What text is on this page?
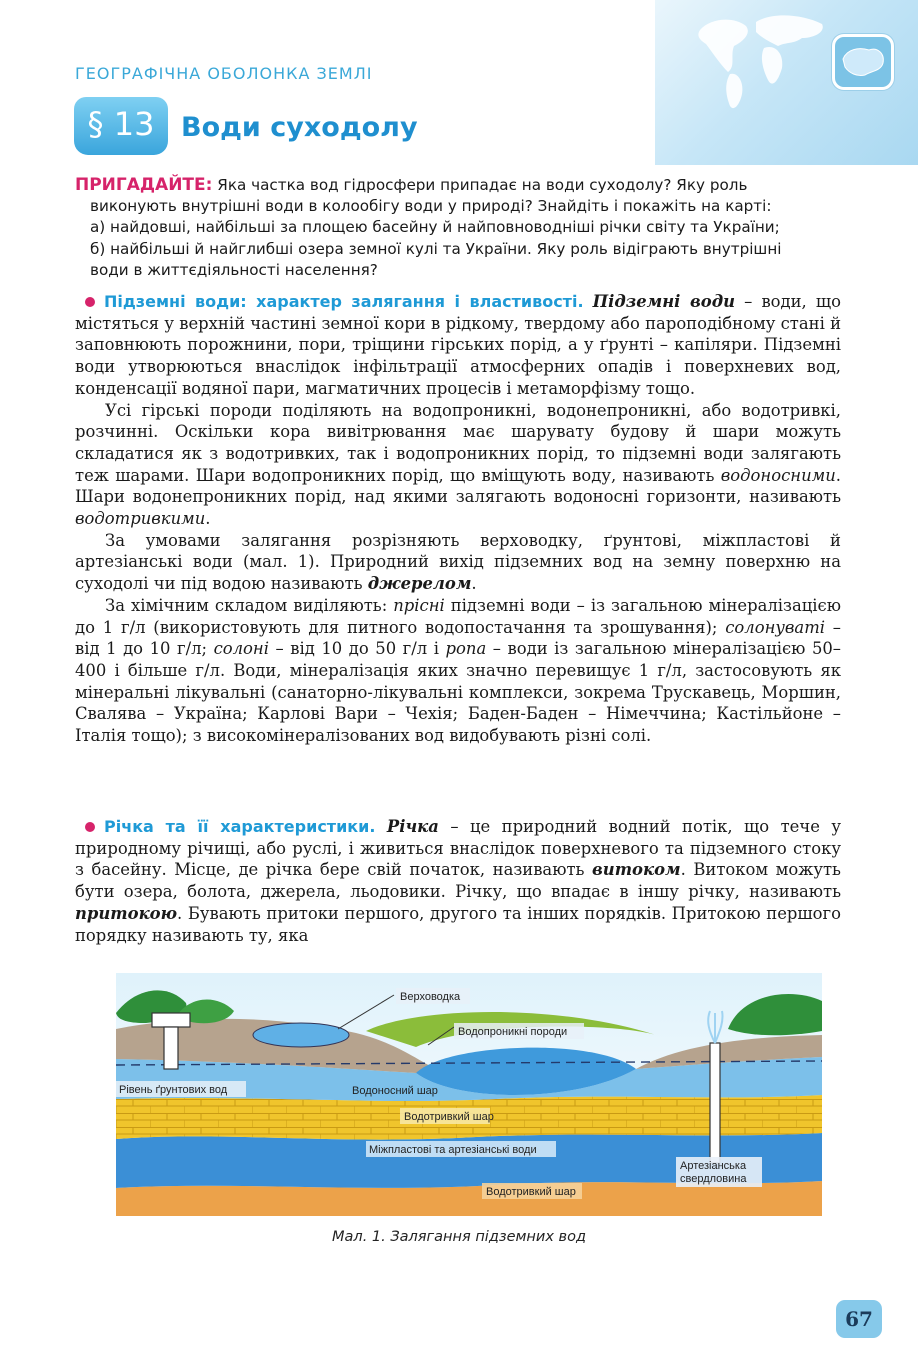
ГЕОГРАФІЧНА ОБОЛОНКА ЗЕМЛІ
§ 13 Води суходолу
ПРИГАДАЙТЕ: Яка частка вод гідросфери припадає на води суходолу? Яку роль
виконують внутрішні води в колообігу води у природі? Знайдіть і покажіть на карті:
а) найдовші, найбільші за площею басейну й найповноводніші річки світу та України;
б) найбільші й найглибші озера земної кулі та України. Яку роль відіграють внутрішні
води в життєдіяльності населення?

Підземні води: характер залягання і властивості. Підземні води – води, що містяться у верхній частині земної кори в рідкому, твердому або пароподібному стані й заповнюють порожнини, пори, тріщини гірських порід, а у ґрунті – капіляри. Підземні води утворюються внаслідок інфільтрації атмосферних опадів і поверхневих вод, конденсації водяної пари, магматичних процесів і метаморфізму тощо.

Усі гірські породи поділяють на водопроникні, водонепроникні, або водотривкі, розчинні. Оскільки кора вивітрювання має шарувату будову й шари можуть складатися як з водотривких, так і водопроникних порід, то підземні води залягають теж шарами. Шари водопроникних порід, що вміщують воду, називають водоносними. Шари водонепроникних порід, над якими залягають водоносні горизонти, називають водотривкими.

За умовами залягання розрізняють верховодку, ґрунтові, міжпластові й артезіанські води (мал. 1). Природний вихід підземних вод на земну поверхню на суходолі чи під водою називають джерелом.

За хімічним складом виділяють: прісні підземні води – із загальною мінералізацією до 1 г/л (використовують для питного водопостачання та зрошування); солонуваті – від 1 до 10 г/л; солоні – від 10 до 50 г/л і ропа – води із загальною мінералізацією 50–400 і більше г/л. Води, мінералізація яких значно перевищує 1 г/л, застосовують як мінеральні лікувальні (санаторно-лікувальні комплекси, зокрема Трускавець, Моршин, Свалява – Україна; Карлові Вари – Чехія; Баден-Баден – Німеччина; Кастільйоне – Італія тощо); з високомінералізованих вод видобувають різні солі.

Річка та її характеристики. Річка – це природний водний потік, що тече у природному річищі, або руслі, і живиться внаслідок поверхневого та підземного стоку з басейну. Місце, де річка бере свій початок, називають витоком. Витоком можуть бути озера, болота, джерела, льодовики. Річку, що впадає в іншу річку, називають притокою. Бувають притоки першого, другого та інших порядків. Притокою першого порядку називають ту, яка

Верховодка
Водопроникні породи
Рівень ґрунтових вод	Водоносний шар
Водотривкий шар
Міжпластові та артезіанські води
Артезіанська
свердловина
Водотривкий шар
Мал. 1. Залягання підземних вод
67
